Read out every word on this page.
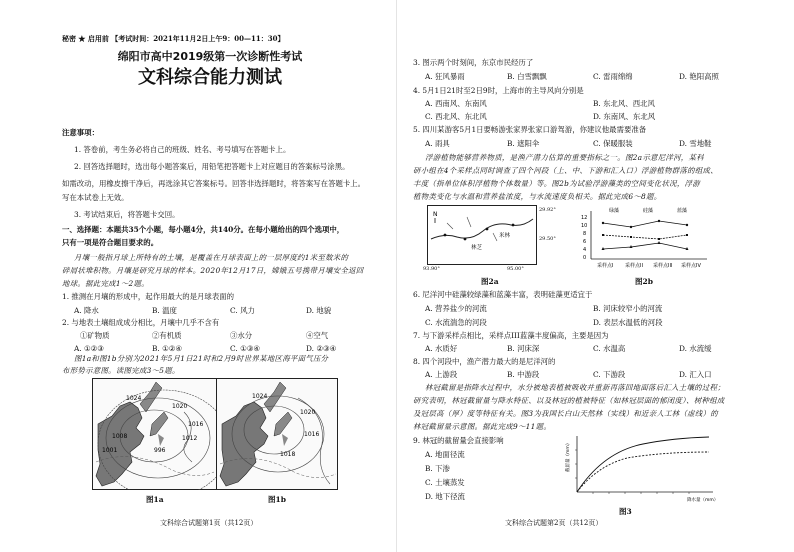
秘密 ★ 启用前 【考试时间：2021年11月2日上午9：00—11：30】
绵阳市高中2019级第一次诊断性考试
文科综合能力测试
注意事项：
1. 答卷前，考生务必将自己的班级、姓名、考号填写在答题卡上。
2. 回答选择题时，选出每小题答案后，用铅笔把答题卡上对应题目的答案标号涂黑。
如需改动，用橡皮擦干净后，再选涂其它答案标号。回答非选择题时，将答案写在答题卡上。
写在本试卷上无效。
3. 考试结束后，将答题卡交回。
一、选择题：本题共35个小题，每小题4分，共140分。在每小题给出的四个选项中，
只有一项是符合题目要求的。
月壤一般指月球上所特有的土壤，是覆盖在月球表面上的一层厚度约1米至数米的
碎屑状堆积物。月壤是研究月球的样本。2020年12月17日，嫦娥五号携带月壤安全返回
地球。据此完成1～2题。
1. 推测在月壤的形成中，起作用最大的是月球表面的
A. 降水	B. 温度	C. 风力	D. 地貌
2. 与地表土壤组成成分相比，月壤中几乎不含有
①矿物质	②有机质	③水分	④空气
A. ①②③	B. ①②④	C. ①③④	D. ②③④
图1a和图1b分别为2021年5月1日21时和2月9时世界某地区海平面气压分
布形势示意图。读图完成3～5题。
1024
1020
1016
1012
1008
996
1001
1024
1020
1016
1018
图1a	图1b
文科综合试题第1页（共12页）
3. 图示两个时刻间，东京市民经历了
A. 狂风暴雨	B. 白雪飘飘	C. 雷雨绵绵	D. 艳阳高照
4. 5月1日21时至2日9时，上海市的主导风向分别是
A. 西南风、东南风	B. 东北风、西北风
C. 西北风、东北风	D. 东南风、东北风
5. 四川某游客5月1日要畅游张家界张家口游驾游，你建议他最需要准备
A. 雨具	B. 遮阳伞	C. 保暖服装	D. 雪地鞋
浮游植物能够营养物质，是渔产潜力估算的重要指标之一。图2a示意尼洋河，某科
研小组在4个采样点同时调查了四个河段（上、中、下游和汇入口）浮游植物群落的组成、
丰度（指单位体积浮植物个体数量）等。图2b为试验浮游藻类的空间变化状况，浮游
植物类变化与水温和营养盐浓度，与水流速度负相关。据此完成6～8题。
N
林芝
米林
93.90°	95.00°
29.92°
29.50°
12
10
8
6
4
0
采样点I 采样点II 采样点III 采样点IV
绿藻	硅藻	蓝藻
图2a	图2b
6. 尼洋河中硅藻较绿藻和蓝藻丰富，表明硅藻更适宜于
A. 营养盐少的河流	B. 河床较窄小的河流
C. 水流湍急的河段	D. 表层水温低的河段
7. 与下游采样点相比，采样点III蓝藻丰度偏高，主要是因为
A. 水质好	B. 河床深	C. 水温高	D. 水流缓
8. 四个河段中，渔产潜力最大的是尼洋河的
A. 上游段	B. 中游段	C. 下游段	D. 汇入口
林冠截留是指降水过程中，水分被地表植被吸收并重新再落回地面落后汇入土壤的过程；
研究表明，林冠截留量与降水特征、以及林冠的植被特征（如林冠层面的郁闭度）、树种组成
及冠层高（厚）度等特征有关。图3为我国长白山天然林（实线）和近亲人工林（虚线）的
林冠截留量示意图。据此完成9～11题。
9. 林冠的截留量会直接影响
A. 地面径流
B. 下渗
C. 土壤蒸发
D. 地下径流	降水量（mm）
截留量（mm）
图3
文科综合试题第2页（共12页）
